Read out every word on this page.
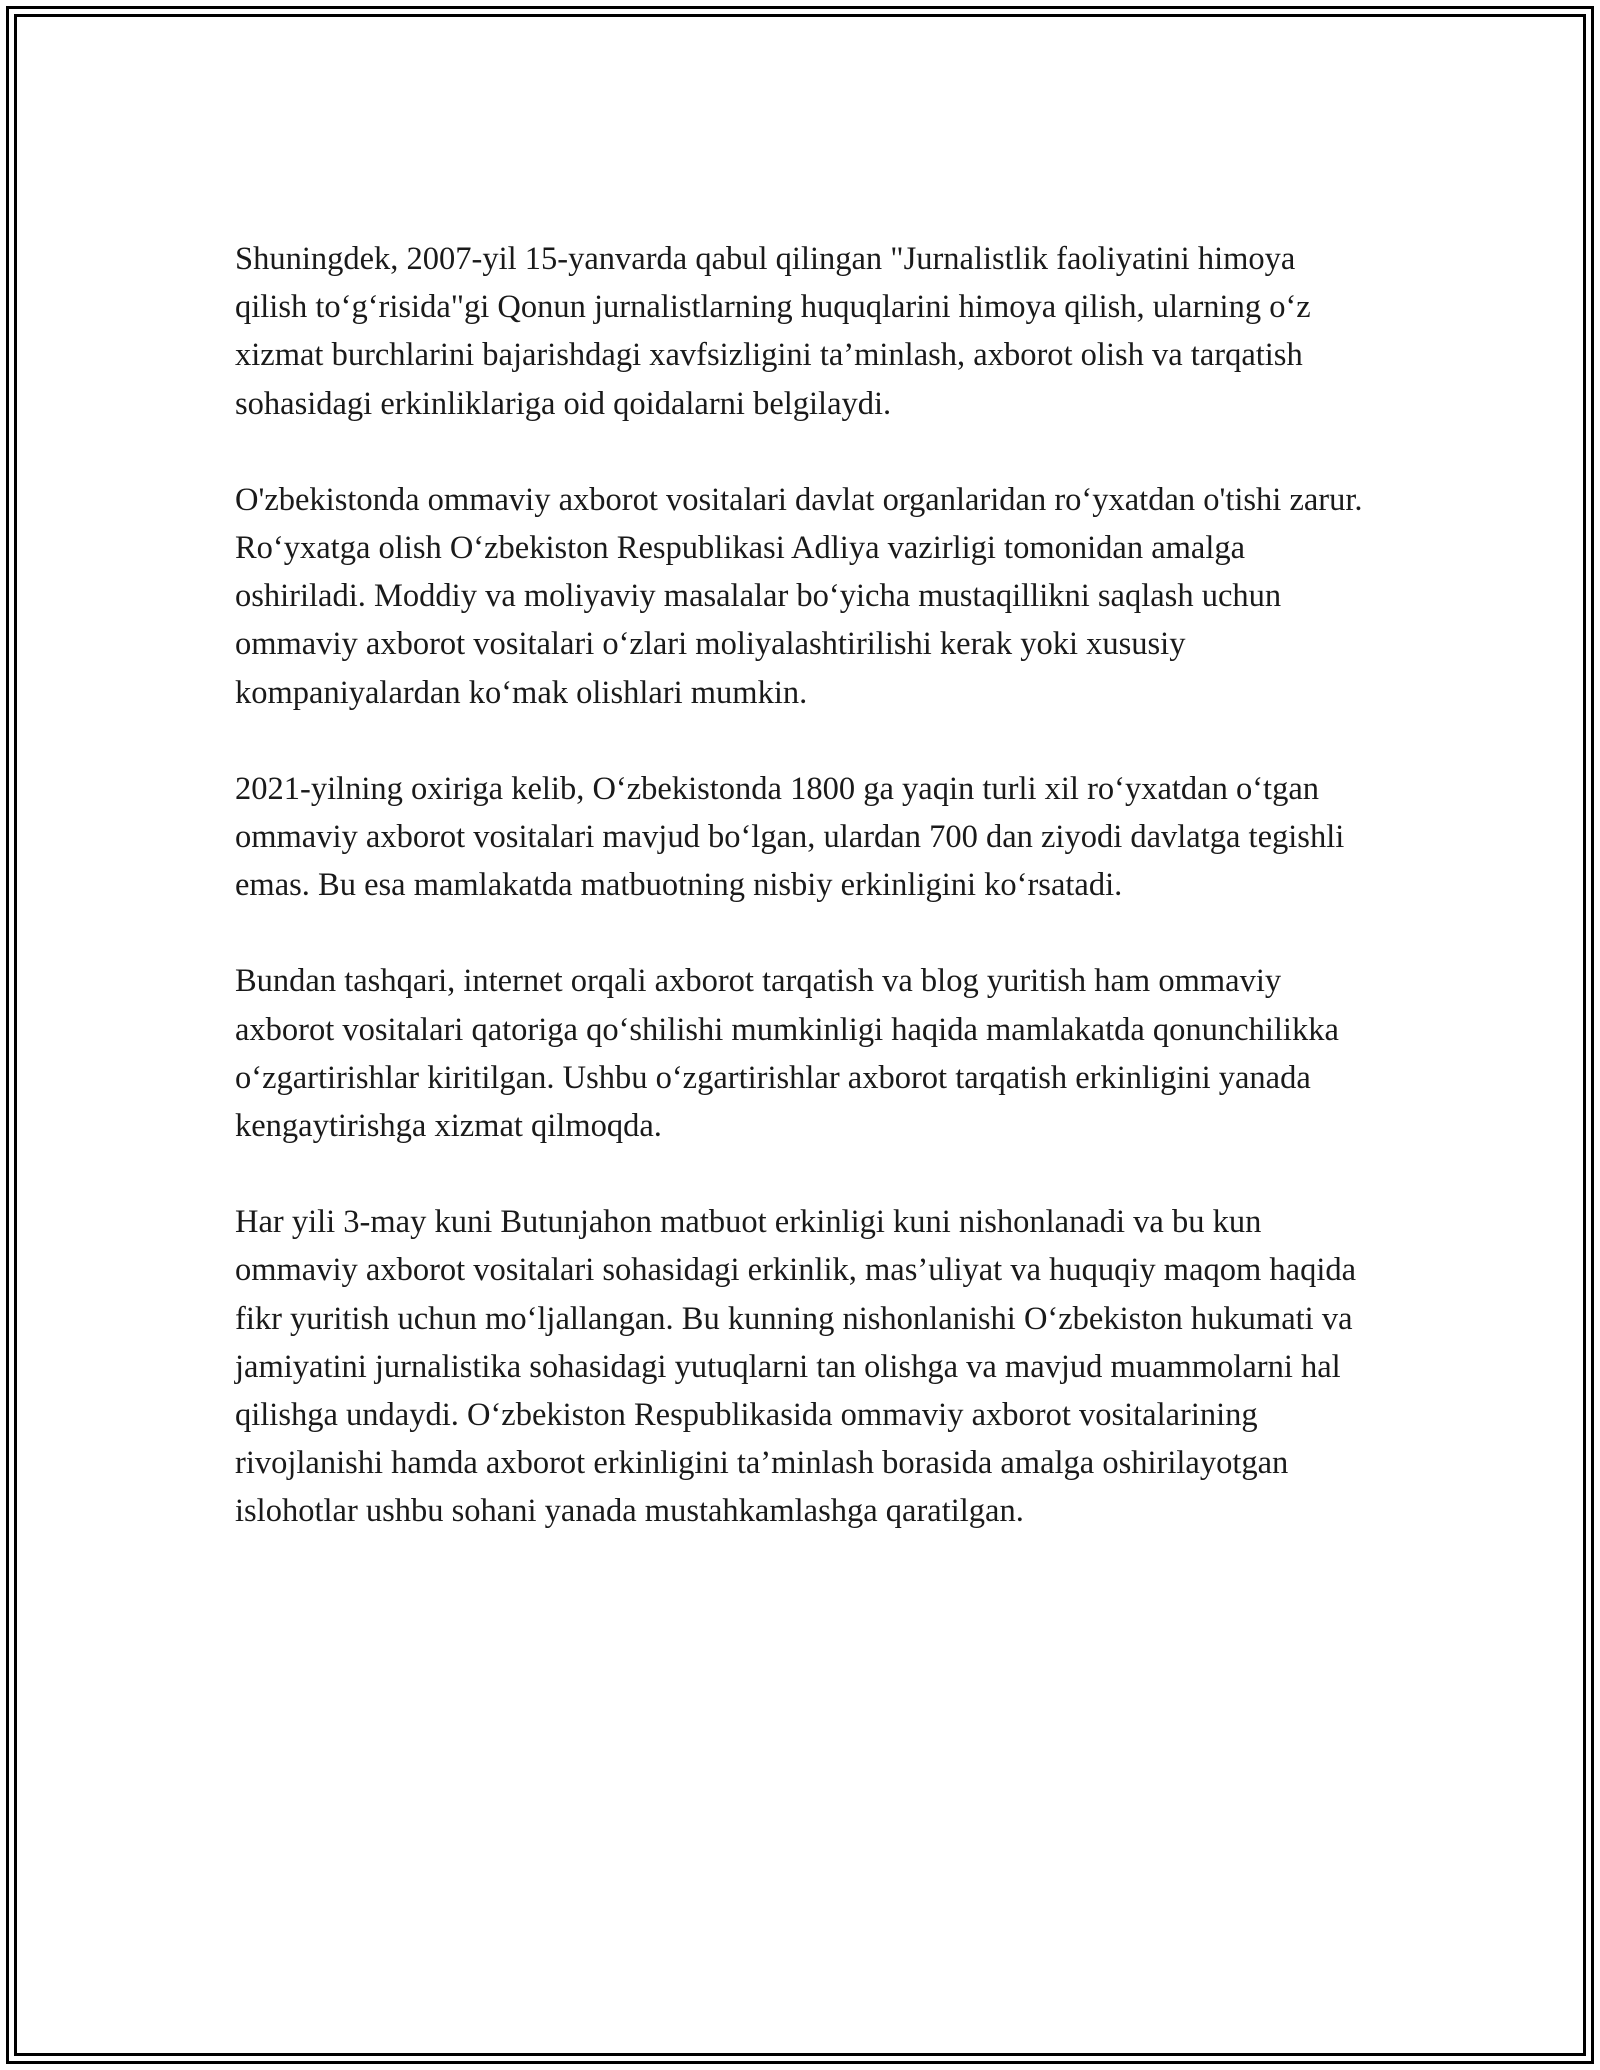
Shuningdek, 2007-yil 15-yanvarda qabul qilingan "Jurnalistlik faoliyatini himoya qilish to‘g‘risida"gi Qonun jurnalistlarning huquqlarini himoya qilish, ularning o‘z xizmat burchlarini bajarishdagi xavfsizligini ta’minlash, axborot olish va tarqatish sohasidagi erkinliklariga oid qoidalarni belgilaydi.

O'zbekistonda ommaviy axborot vositalari davlat organlaridan ro‘yxatdan o'tishi zarur. Ro‘yxatga olish O‘zbekiston Respublikasi Adliya vazirligi tomonidan amalga oshiriladi. Moddiy va moliyaviy masalalar bo‘yicha mustaqillikni saqlash uchun ommaviy axborot vositalari o‘zlari moliyalashtirilishi kerak yoki xususiy kompaniyalardan ko‘mak olishlari mumkin.

2021-yilning oxiriga kelib, O‘zbekistonda 1800 ga yaqin turli xil ro‘yxatdan o‘tgan ommaviy axborot vositalari mavjud bo‘lgan, ulardan 700 dan ziyodi davlatga tegishli emas. Bu esa mamlakatda matbuotning nisbiy erkinligini ko‘rsatadi.

Bundan tashqari, internet orqali axborot tarqatish va blog yuritish ham ommaviy axborot vositalari qatoriga qo‘shilishi mumkinligi haqida mamlakatda qonunchilikka o‘zgartirishlar kiritilgan. Ushbu o‘zgartirishlar axborot tarqatish erkinligini yanada kengaytirishga xizmat qilmoqda.

Har yili 3-may kuni Butunjahon matbuot erkinligi kuni nishonlanadi va bu kun ommaviy axborot vositalari sohasidagi erkinlik, mas’uliyat va huquqiy maqom haqida fikr yuritish uchun mo‘ljallangan. Bu kunning nishonlanishi O‘zbekiston hukumati va jamiyatini jurnalistika sohasidagi yutuqlarni tan olishga va mavjud muammolarni hal qilishga undaydi. O‘zbekiston Respublikasida ommaviy axborot vositalarining rivojlanishi hamda axborot erkinligini ta’minlash borasida amalga oshirilayotgan islohotlar ushbu sohani yanada mustahkamlashga qaratilgan.
